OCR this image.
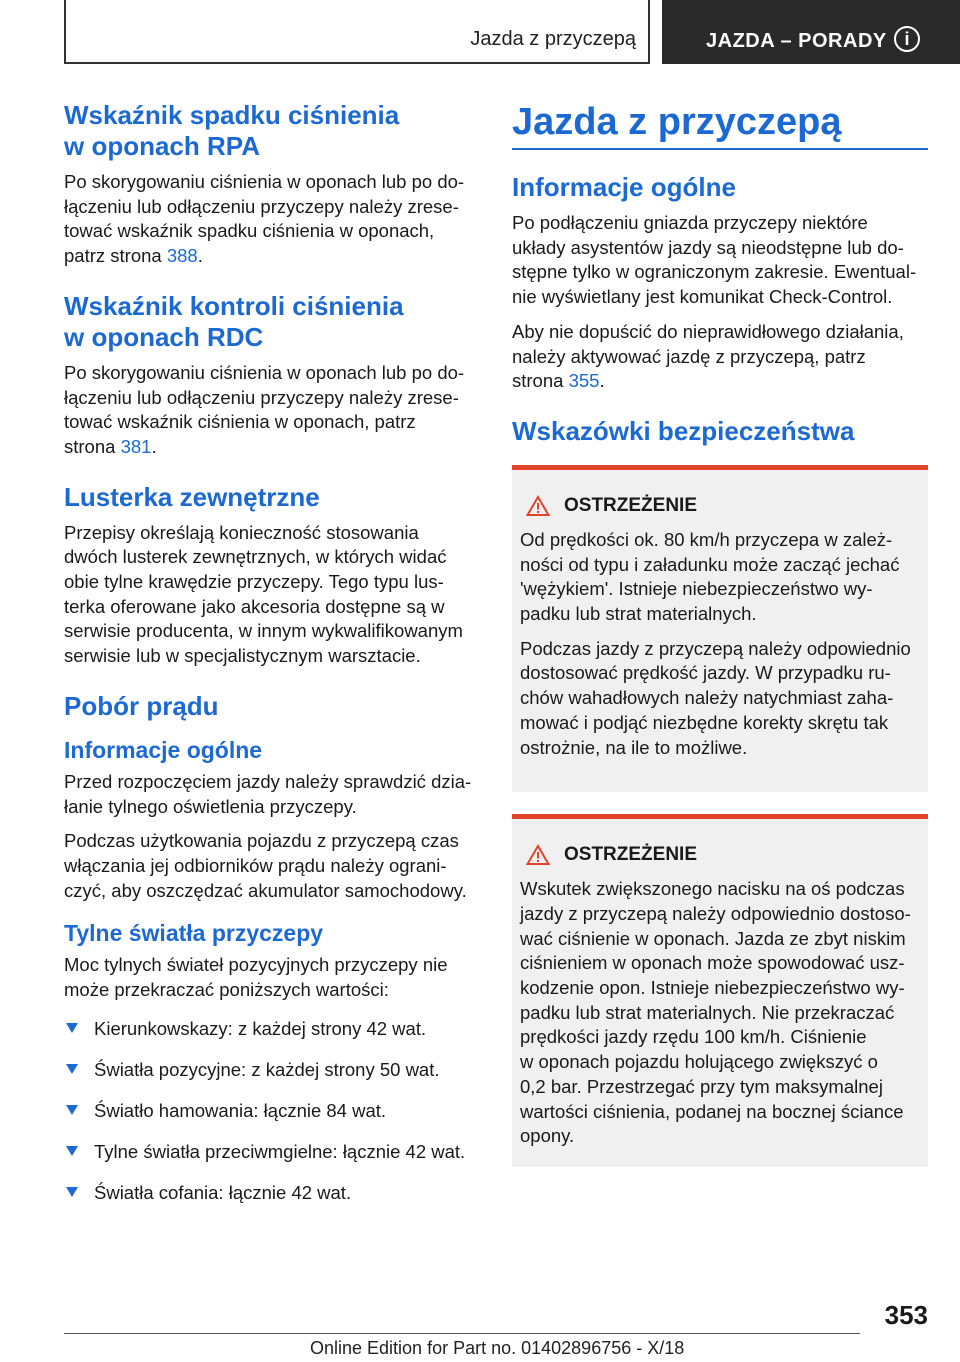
Jazda z przyczepą	JAZDA – PORADY i
Wskaźnik spadku ciśnienia
w oponach RPA

Po skorygowaniu ciśnienia w oponach lub po do-
łączeniu lub odłączeniu przyczepy należy zrese-
tować wskaźnik spadku ciśnienia w oponach,
patrz strona 388.

Wskaźnik kontroli ciśnienia
w oponach RDC

Po skorygowaniu ciśnienia w oponach lub po do-
łączeniu lub odłączeniu przyczepy należy zrese-
tować wskaźnik ciśnienia w oponach, patrz
strona 381.

Lusterka zewnętrzne

Przepisy określają konieczność stosowania
dwóch lusterek zewnętrznych, w których widać
obie tylne krawędzie przyczepy. Tego typu lus-
terka oferowane jako akcesoria dostępne są w
serwisie producenta, w innym wykwalifikowanym
serwisie lub w specjalistycznym warsztacie.

Pobór prądu
Informacje ogólne

Przed rozpoczęciem jazdy należy sprawdzić dzia-
łanie tylnego oświetlenia przyczepy.

Podczas użytkowania pojazdu z przyczepą czas
włączania jej odbiorników prądu należy ograni-
czyć, aby oszczędzać akumulator samochodowy.

Tylne światła przyczepy

Moc tylnych świateł pozycyjnych przyczepy nie
może przekraczać poniższych wartości:

Kierunkowskazy: z każdej strony 42 wat.
Światła pozycyjne: z każdej strony 50 wat.
Światło hamowania: łącznie 84 wat.
Tylne światła przeciwmgielne: łącznie 42 wat.
Światła cofania: łącznie 42 wat.
Jazda z przyczepą
Informacje ogólne

Po podłączeniu gniazda przyczepy niektóre
układy asystentów jazdy są nieodstępne lub do-
stępne tylko w ograniczonym zakresie. Ewentual-
nie wyświetlany jest komunikat Check-Control.

Aby nie dopuścić do nieprawidłowego działania,
należy aktywować jazdę z przyczepą, patrz
strona 355.

Wskazówki bezpieczeństwa
OSTRZEŻENIE

Od prędkości ok. 80 km/h przyczepa w zależ-
ności od typu i załadunku może zacząć jechać
'wężykiem'. Istnieje niebezpieczeństwo wy-
padku lub strat materialnych.

Podczas jazdy z przyczepą należy odpowiednio
dostosować prędkość jazdy. W przypadku ru-
chów wahadłowych należy natychmiast zaha-
mować i podjąć niezbędne korekty skrętu tak
ostrożnie, na ile to możliwe.

OSTRZEŻENIE

Wskutek zwiększonego nacisku na oś podczas
jazdy z przyczepą należy odpowiednio dostoso-
wać ciśnienie w oponach. Jazda ze zbyt niskim
ciśnieniem w oponach może spowodować usz-
kodzenie opon. Istnieje niebezpieczeństwo wy-
padku lub strat materialnych. Nie przekraczać
prędkości jazdy rzędu 100 km/h. Ciśnienie
w oponach pojazdu holującego zwiększyć o
0,2 bar. Przestrzegać przy tym maksymalnej
wartości ciśnienia, podanej na bocznej ściance
opony.

353
Online Edition for Part no. 01402896756 - X/18
